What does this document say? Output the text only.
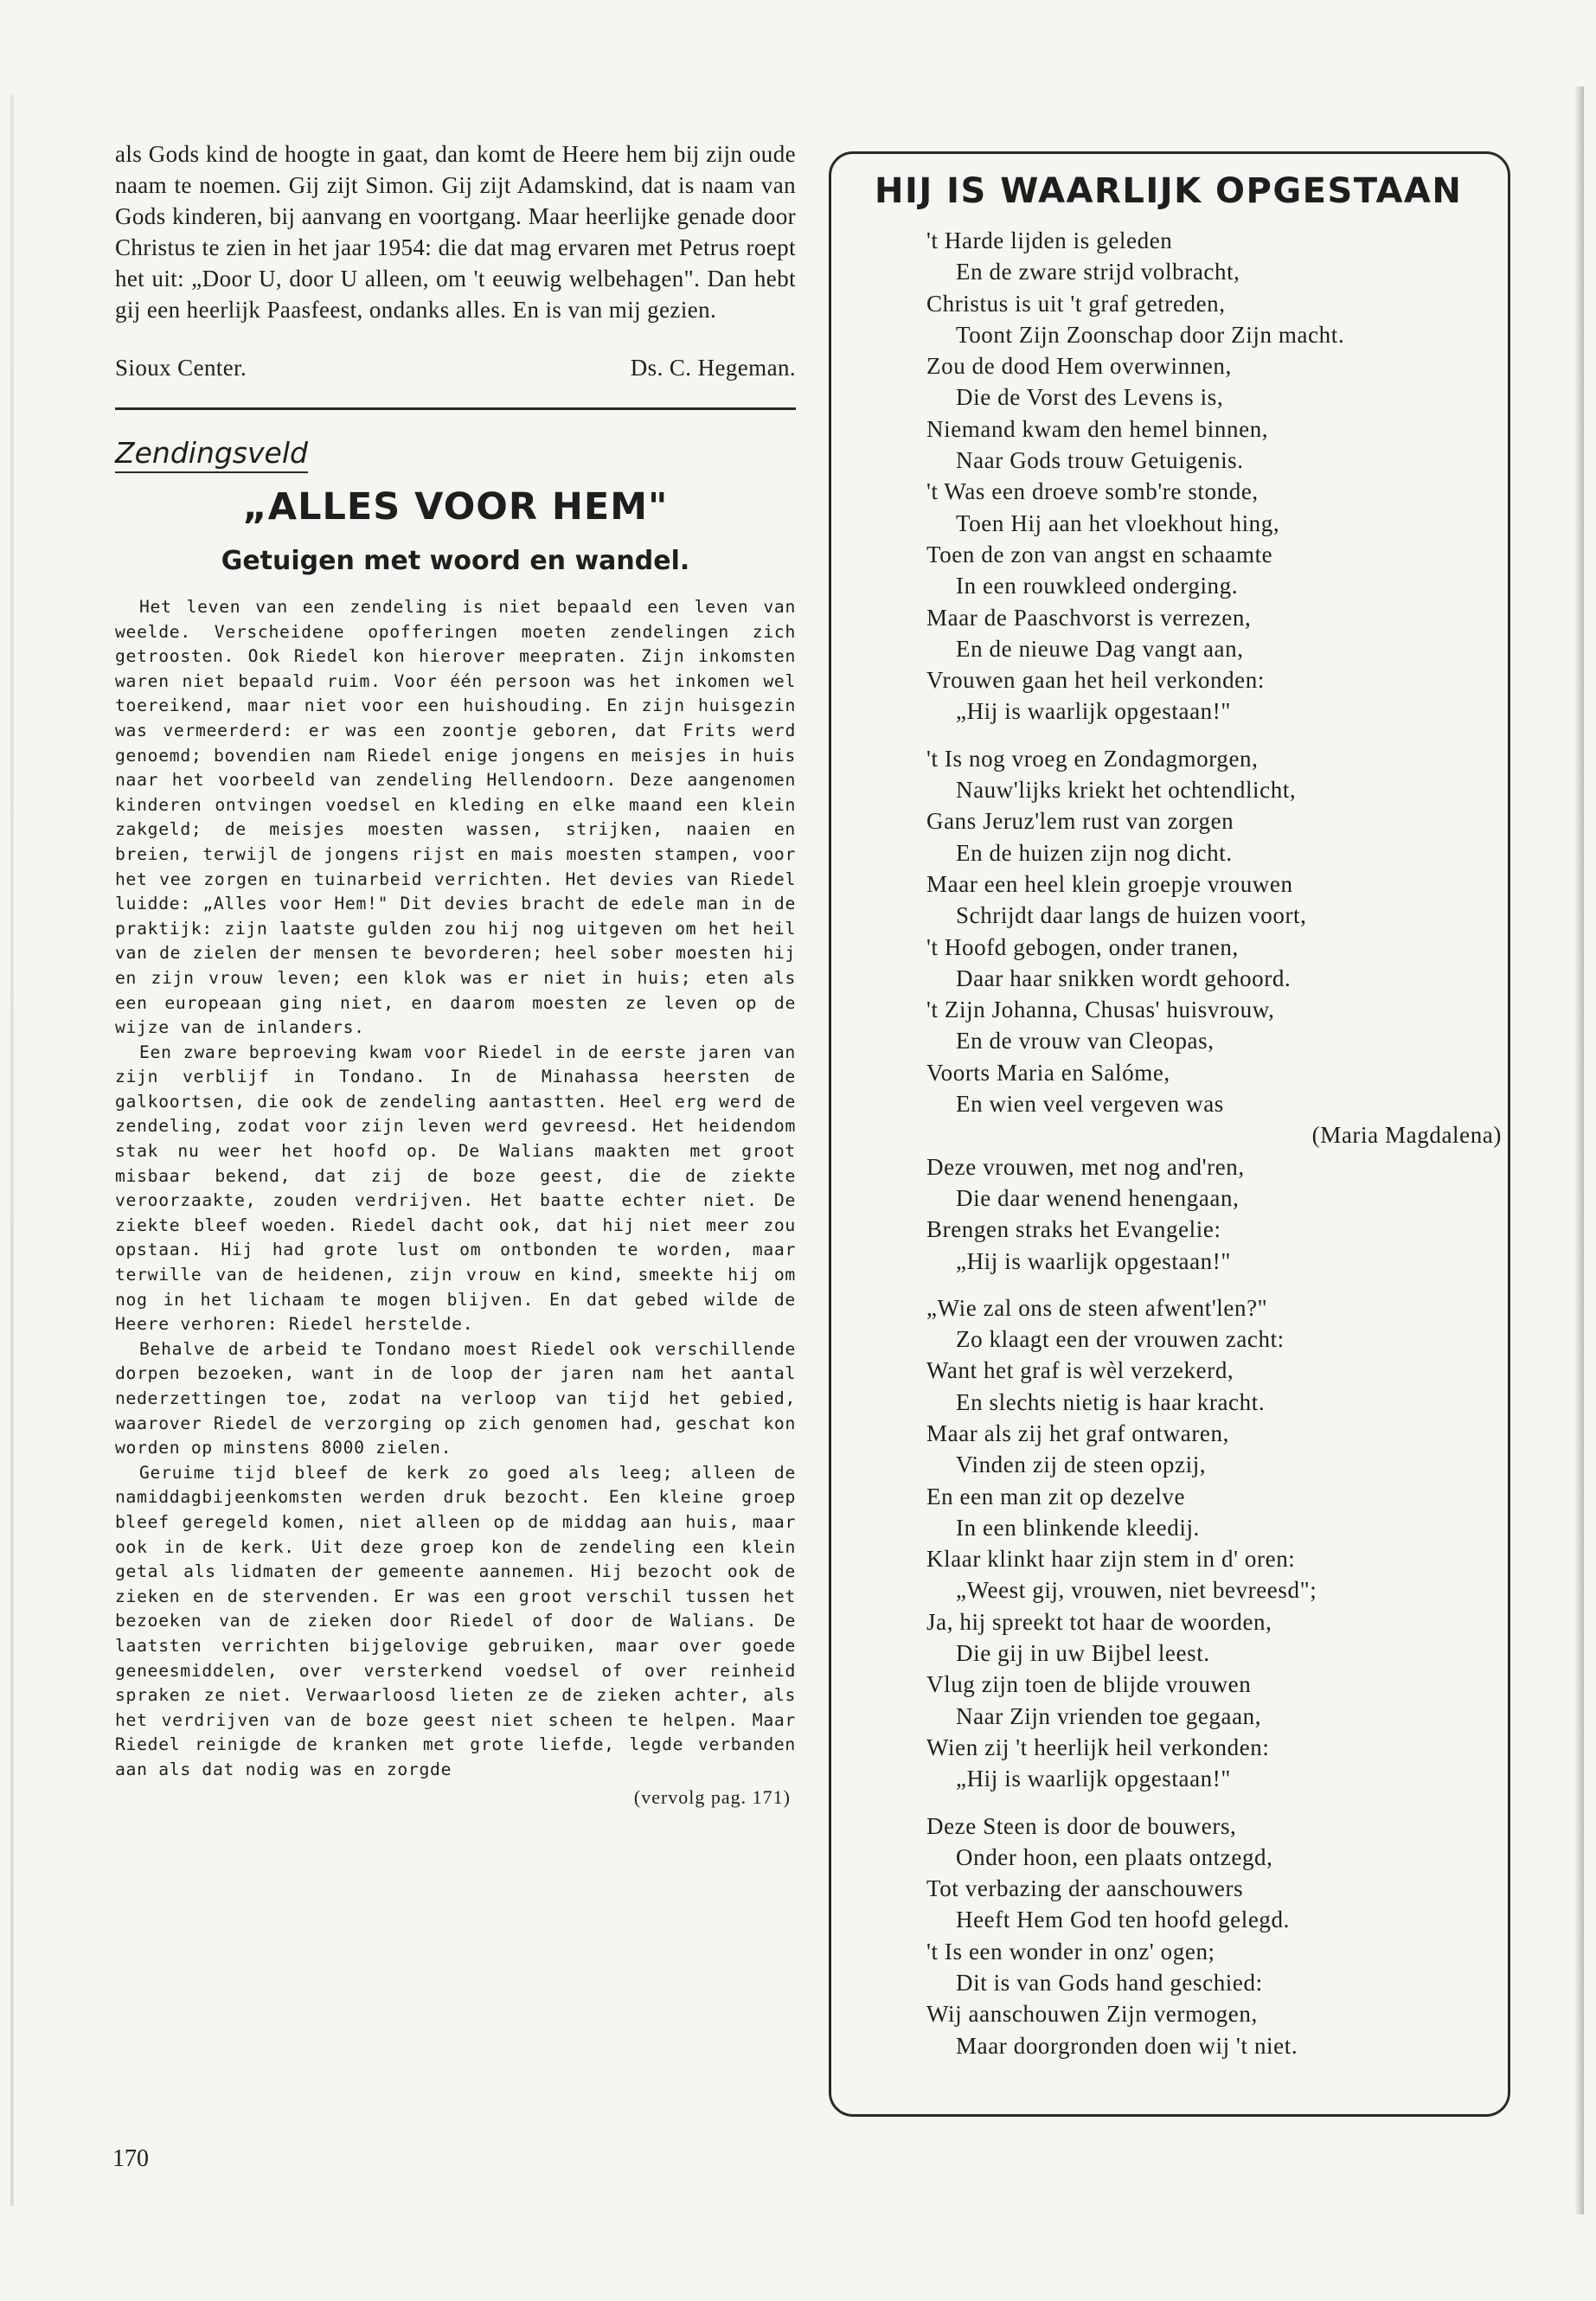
als Gods kind de hoogte in gaat, dan komt de Heere hem bij zijn oude naam te noemen. Gij zijt Simon. Gij zijt Adamskind, dat is naam van Gods kinderen, bij aanvang en voortgang. Maar heerlijke genade door Christus te zien in het jaar 1954: die dat mag ervaren met Petrus roept het uit: „Door U, door U alleen, om 't eeuwig welbehagen". Dan hebt gij een heerlijk Paasfeest, ondanks alles. En is van mij gezien.

Sioux Center.	Ds. C. Hegeman.
Zendingsveld
„ALLES VOOR HEM"
Getuigen met woord en wandel.

Het leven van een zendeling is niet bepaald een leven van weelde. Verscheidene opofferingen moeten zendelingen zich getroosten. Ook Riedel kon hierover meepraten. Zijn inkomsten waren niet bepaald ruim. Voor één persoon was het inkomen wel toereikend, maar niet voor een huishouding. En zijn huisgezin was vermeerderd: er was een zoontje geboren, dat Frits werd genoemd; bovendien nam Riedel enige jongens en meisjes in huis naar het voorbeeld van zendeling Hellendoorn. Deze aangenomen kinderen ontvingen voedsel en kleding en elke maand een klein zakgeld; de meisjes moesten wassen, strijken, naaien en breien, terwijl de jongens rijst en mais moesten stampen, voor het vee zorgen en tuinarbeid verrichten. Het devies van Riedel luidde: „Alles voor Hem!" Dit devies bracht de edele man in de praktijk: zijn laatste gulden zou hij nog uitgeven om het heil van de zielen der mensen te bevorderen; heel sober moesten hij en zijn vrouw leven; een klok was er niet in huis; eten als een europeaan ging niet, en daarom moesten ze leven op de wijze van de inlanders.

Een zware beproeving kwam voor Riedel in de eerste jaren van zijn verblijf in Tondano. In de Minahassa heersten de galkoortsen, die ook de zendeling aantastten. Heel erg werd de zendeling, zodat voor zijn leven werd gevreesd. Het heidendom stak nu weer het hoofd op. De Walians maakten met groot misbaar bekend, dat zij de boze geest, die de ziekte veroorzaakte, zouden verdrijven. Het baatte echter niet. De ziekte bleef woeden. Riedel dacht ook, dat hij niet meer zou opstaan. Hij had grote lust om ontbonden te worden, maar terwille van de heidenen, zijn vrouw en kind, smeekte hij om nog in het lichaam te mogen blijven. En dat gebed wilde de Heere verhoren: Riedel herstelde.

Behalve de arbeid te Tondano moest Riedel ook verschillende dorpen bezoeken, want in de loop der jaren nam het aantal nederzettingen toe, zodat na verloop van tijd het gebied, waarover Riedel de verzorging op zich genomen had, geschat kon worden op minstens 8000 zielen.

Geruime tijd bleef de kerk zo goed als leeg; alleen de namiddagbijeenkomsten werden druk bezocht. Een kleine groep bleef geregeld komen, niet alleen op de middag aan huis, maar ook in de kerk. Uit deze groep kon de zendeling een klein getal als lidmaten der gemeente aannemen. Hij bezocht ook de zieken en de stervenden. Er was een groot verschil tussen het bezoeken van de zieken door Riedel of door de Walians. De laatsten verrichten bijgelovige gebruiken, maar over goede geneesmiddelen, over versterkend voedsel of over reinheid spraken ze niet. Verwaarloosd lieten ze de zieken achter, als het verdrijven van de boze geest niet scheen te helpen. Maar Riedel reinigde de kranken met grote liefde, legde verbanden aan als dat nodig was en zorgde

(vervolg pag. 171)
170
HIJ IS WAARLIJK OPGESTAAN
't Harde lijden is geleden
En de zware strijd volbracht,
Christus is uit 't graf getreden,
Toont Zijn Zoonschap door Zijn macht.
Zou de dood Hem overwinnen,
Die de Vorst des Levens is,
Niemand kwam den hemel binnen,
Naar Gods trouw Getuigenis.
't Was een droeve somb're stonde,
Toen Hij aan het vloekhout hing,
Toen de zon van angst en schaamte
In een rouwkleed onderging.
Maar de Paaschvorst is verrezen,
En de nieuwe Dag vangt aan,
Vrouwen gaan het heil verkonden:
„Hij is waarlijk opgestaan!"
't Is nog vroeg en Zondagmorgen,
Nauw'lijks kriekt het ochtendlicht,
Gans Jeruz'lem rust van zorgen
En de huizen zijn nog dicht.
Maar een heel klein groepje vrouwen
Schrijdt daar langs de huizen voort,
't Hoofd gebogen, onder tranen,
Daar haar snikken wordt gehoord.
't Zijn Johanna, Chusas' huisvrouw,
En de vrouw van Cleopas,
Voorts Maria en Salóme,
En wien veel vergeven was
(Maria Magdalena)
Deze vrouwen, met nog and'ren,
Die daar wenend henengaan,
Brengen straks het Evangelie:
„Hij is waarlijk opgestaan!"
„Wie zal ons de steen afwent'len?"
Zo klaagt een der vrouwen zacht:
Want het graf is wèl verzekerd,
En slechts nietig is haar kracht.
Maar als zij het graf ontwaren,
Vinden zij de steen opzij,
En een man zit op dezelve
In een blinkende kleedij.
Klaar klinkt haar zijn stem in d' oren:
„Weest gij, vrouwen, niet bevreesd";
Ja, hij spreekt tot haar de woorden,
Die gij in uw Bijbel leest.
Vlug zijn toen de blijde vrouwen
Naar Zijn vrienden toe gegaan,
Wien zij 't heerlijk heil verkonden:
„Hij is waarlijk opgestaan!"
Deze Steen is door de bouwers,
Onder hoon, een plaats ontzegd,
Tot verbazing der aanschouwers
Heeft Hem God ten hoofd gelegd.
't Is een wonder in onz' ogen;
Dit is van Gods hand geschied:
Wij aanschouwen Zijn vermogen,
Maar doorgronden doen wij 't niet.
